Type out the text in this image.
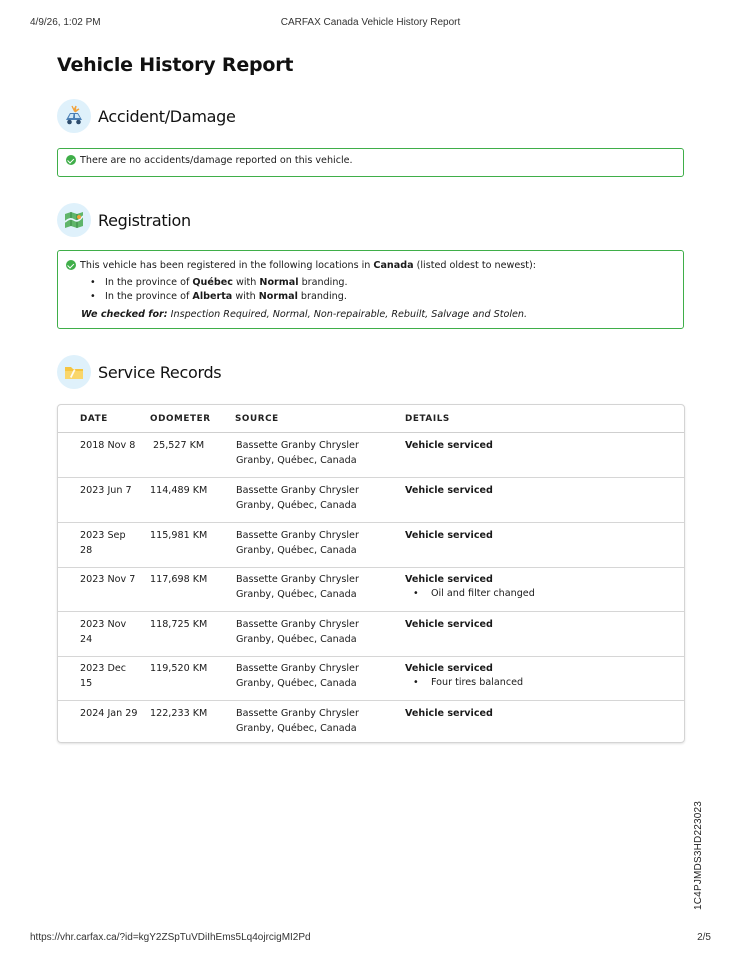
4/9/26, 1:02 PM	CARFAX Canada Vehicle History Report
Vehicle History Report
Accident/Damage
There are no accidents/damage reported on this vehicle.
Registration
This vehicle has been registered in the following locations in Canada (listed oldest to newest):
• In the province of Québec with Normal branding.
• In the province of Alberta with Normal branding.
We checked for: Inspection Required, Normal, Non-repairable, Rebuilt, Salvage and Stolen.
Service Records
DATE	ODOMETER	SOURCE	DETAILS
2018 Nov 8	25,527 KM	Bassette Granby Chrysler
Granby, Québec, Canada
Vehicle serviced
2023 Jun 7	114,489 KM	Bassette Granby Chrysler
Granby, Québec, Canada
Vehicle serviced
2023 Sep 28
115,981 KM	Bassette Granby Chrysler
Granby, Québec, Canada
Vehicle serviced
2023 Nov 7	117,698 KM	Bassette Granby Chrysler
Granby, Québec, Canada
Vehicle serviced
• Oil and filter changed
2023 Nov 24
118,725 KM	Bassette Granby Chrysler
Granby, Québec, Canada
Vehicle serviced
2023 Dec 15
119,520 KM	Bassette Granby Chrysler
Granby, Québec, Canada
Vehicle serviced
• Four tires balanced
2024 Jan 29 122,233 KM	Bassette Granby Chrysler
Granby, Québec, Canada
Vehicle serviced
1C4PJMDS3HD223023
https://vhr.carfax.ca/?id=kgY2ZSpTuVDiIhEms5Lq4ojrcigMI2Pd	2/5
